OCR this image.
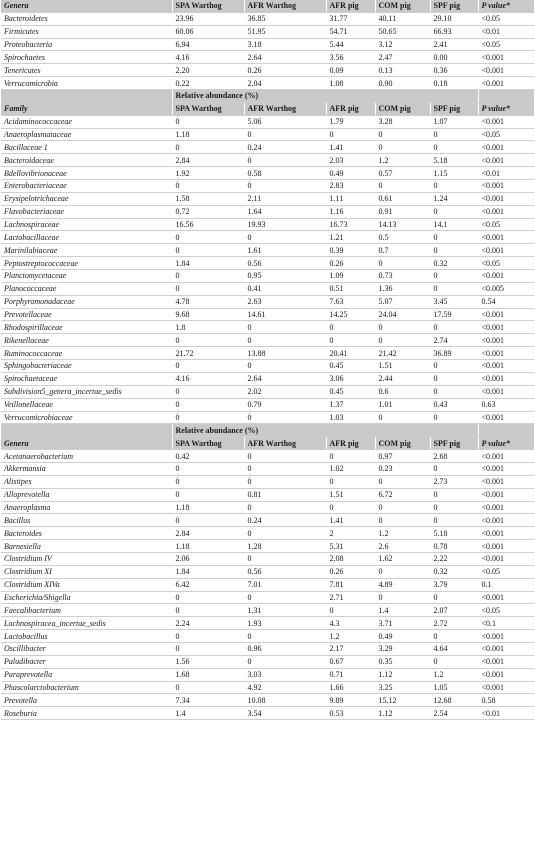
Genera	SPA Warthog	AFR Warthog	AFR pig	COM pig	SPF pig	P value*
Bacteroidetes	23.96	36.85	31.77	40.11	29.10	<0.05
Firmicutes	60.06	51.95	54.71	50.65	66.93	<0.01
Proteobacteria	6.94	3.18	5.44	3.12	2.41	<0.05
Spirochaetes	4.16	2.64	3.56	2.47	0.00	<0.001
Tenericutes	2.20	0.26	0.09	0.13	0.36	<0.001
Verrucomicrobia	0.22	2.04	1.08	0.90	0.18	<0.001
	Relative abundance (%)					
Family	SPA Warthog	AFR Warthog	AFR pig	COM pig	SPF pig	P value*
Acidaminococcaceae	0	5.06	1.79	3.28	1.07	<0.001
Anaeroplasmataceae	1.18	0	0	0	0	<0.05
Bacillaceae 1	0	0.24	1.41	0	0	<0.001
Bacteroidaceae	2.84	0	2.03	1.2	5.18	<0.001
Bdellovibrionaceae	1.92	0.58	0.49	0.57	1.15	<0.01
Enterobacteriaceae	0	0	2.83	0	0	<0.001
Erysipelotrichaceae	1.58	2.11	1.11	0.61	1.24	<0.001
Flavobacteriaceae	0.72	1.64	1.16	0.91	0	<0.001
Lachnospiraceae	16.56	19.93	16.73	14.13	14.1	<0.05
Lactobacillaceae	0	0	1.21	0.5	0	<0.001
Marinilabiaceae	0	1.61	0.39	0.7	0	<0.001
Peptostreptococcaceae	1.84	0.56	0.26	0	0.32	<0.05
Planctomycetaceae	0	0.95	1.09	0.73	0	<0.001
Planococcaceae	0	0.41	0.51	1.36	0	<0.005
Porphyromonadaceae	4.78	2.63	7.63	5.07	3.45	0.54
Prevotellaceae	9.68	14.61	14.25	24.04	17.59	<0.001
Rhodospirillaceae	1.8	0	0	0	0	<0.001
Rikenellaceae	0	0	0	0	2.74	<0.001
Ruminococcaceae	21.72	13.88	20.41	21.42	36.89	<0.001
Sphingobacteriaceae	0	0	0.45	1.51	0	<0.001
Spirochaetaceae	4.16	2.64	3.06	2.44	0	<0.001
Subdivision5_genera_incertae_sedis	0	2.02	0.45	0.6	0	<0.001
Veillonellaceae	0	0.79	1.37	1.01	0.43	0.63
Verrucomicrobiaceae	0	0	1.03	0	0	<0.001
	Relative abundance (%)					
Genera	SPA Warthog	AFR Warthog	AFR pig	COM pig	SPF pig	P value*
Acetanaerobacterium	0.42	0	0	0.97	2.68	<0.001
Akkermansia	0	0	1.02	0.23	0	<0.001
Alistipes	0	0	0	0	2.73	<0.001
Alloprevotella	0	0.81	1.51	6.72	0	<0.001
Anaeroplasma	1.18	0	0	0	0	<0.001
Bacillus	0	0.24	1.41	0	0	<0.001
Bacteroides	2.84	0	2	1.2	5.18	<0.001
Barnesiella	1.18	1.28	5.31	2.6	0.78	<0.001
Clostridium IV	2.06	0	2.08	1.62	2.22	<0.001
Clostridium XI	1.84	0.56	0.26	0	0.32	<0.05
Clostridium XIVa	6.42	7.01	7.81	4.89	3.79	0.1
Escherichia/Shigella	0	0	2.71	0	0	<0.001
Faecalibacterium	0	1.31	0	1.4	2.07	<0.05
Lachnospiracea_incertae_sedis	2.24	1.93	4.3	3.71	2.72	<0.1
Lactobacillus	0	0	1.2	0.49	0	<0.001
Oscillibacter	0	0.96	2.17	3.29	4.64	<0.001
Paludibacter	1.56	0	0.67	0.35	0	<0.001
Paraprevotella	1.68	3.03	0.71	1.12	1.2	<0.001
Phascolarctobacterium	0	4.92	1.66	3.25	1.05	<0.001
Prevotella	7.34	10.08	9.89	15.12	12.68	0.58
Roseburia	1.4	3.54	0.53	1.12	2.54	<0.01
